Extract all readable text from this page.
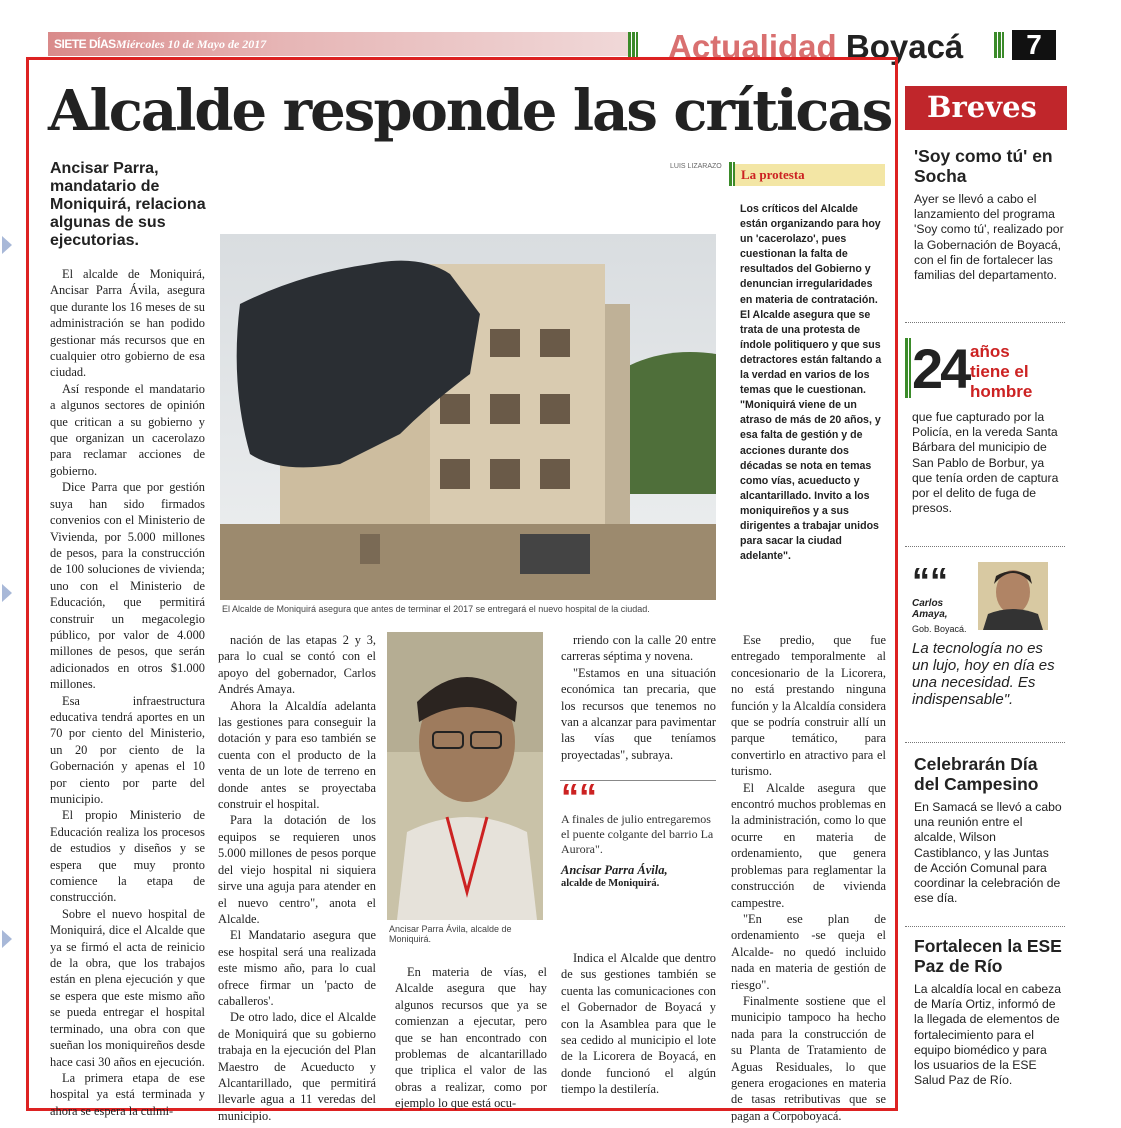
SIETE DÍAS Miércoles 10 de Mayo de 2017	Actualidad Boyacá	7
Alcalde responde las críticas
Ancisar Parra, mandatario de Moniquirá, relaciona algunas de sus ejecutorias.
LUIS LIZARAZO

El alcalde de Moniquirá, Ancisar Parra Ávila, asegura que durante los 16 meses de su administración se han podido gestionar más recursos que en cualquier otro gobierno de esa ciudad.

Así responde el mandatario a algunos sectores de opinión que critican a su gobierno y que organizan un cacerolazo para reclamar acciones de gobierno.

Dice Parra que por gestión suya han sido firmados convenios con el Ministerio de Vivienda, por 5.000 millones de pesos, para la construcción de 100 soluciones de vivienda; uno con el Ministerio de Educación, que permitirá construir un megacolegio público, por valor de 4.000 millones de pesos, que serán adicionados en otros $1.000 millones.

Esa infraestructura educativa tendrá aportes en un 70 por ciento del Ministerio, un 20 por ciento de la Gobernación y apenas el 10 por ciento por parte del municipio.

El propio Ministerio de Educación realiza los procesos de estudios y diseños y se espera que muy pronto comience la etapa de construcción.

Sobre el nuevo hospital de Moniquirá, dice el Alcalde que ya se firmó el acta de reinicio de la obra, que los trabajos están en plena ejecución y que se espera que este mismo año se pueda entregar el hospital terminado, una obra con que sueñan los moniquireños desde hace casi 30 años en ejecución.

La primera etapa de ese hospital ya está terminada y ahora se espera la culmi-

El Alcalde de Moniquirá asegura que antes de terminar el 2017 se entregará el nuevo hospital de la ciudad.
La protesta
Los críticos del Alcalde están organizando para hoy un 'cacerolazo', pues cuestionan la falta de resultados del Gobierno y denuncian irregularidades en materia de contratación. El Alcalde asegura que se trata de una protesta de índole politiquero y que sus detractores están faltando a la verdad en varios de los temas que le cuestionan. "Moniquirá viene de un atraso de más de 20 años, y esa falta de gestión y de acciones durante dos décadas se nota en temas como vías, acueducto y alcantarillado. Invito a los moniquireños y a sus dirigentes a trabajar unidos para sacar la ciudad adelante".

nación de las etapas 2 y 3, para lo cual se contó con el apoyo del gobernador, Carlos Andrés Amaya.

Ahora la Alcaldía adelanta las gestiones para conseguir la dotación y para eso también se cuenta con el producto de la venta de un lote de terreno en donde antes se proyectaba construir el hospital.

Para la dotación de los equipos se requieren unos 5.000 millones de pesos porque del viejo hospital ni siquiera sirve una aguja para atender en el nuevo centro", anota el Alcalde.

El Mandatario asegura que ese hospital será una realizada este mismo año, para lo cual ofrece firmar un 'pacto de caballeros'.

De otro lado, dice el Alcalde de Moniquirá que su gobierno trabaja en la ejecución del Plan Maestro de Acueducto y Alcantarillado, que permitirá llevarle agua a 11 veredas del municipio.

Ancisar Parra Ávila, alcalde de Moniquirá.

En materia de vías, el Alcalde asegura que hay algunos recursos que ya se comienzan a ejecutar, pero que se han encontrado con problemas de alcantarillado que triplica el valor de las obras a realizar, como por ejemplo lo que está ocu-

rriendo con la calle 20 entre carreras séptima y novena.

"Estamos en una situación económica tan precaria, que los recursos que tenemos no van a alcanzar para pavimentar las vías que teníamos proyectadas", subraya.

““
A finales de julio entregaremos el puente colgante del barrio La Aurora".
Ancisar Parra Ávila,
alcalde de Moniquirá.

Indica el Alcalde que dentro de sus gestiones también se cuenta las comunicaciones con el Gobernador de Boyacá y con la Asamblea para que le sea cedido al municipio el lote de la Licorera de Boyacá, en donde funcionó el algún tiempo la destilería.

Ese predio, que fue entregado temporalmente al concesionario de la Licorera, no está prestando ninguna función y la Alcaldía considera que se podría construir allí un parque temático, para convertirlo en atractivo para el turismo.

El Alcalde asegura que encontró muchos problemas en la administración, como lo que ocurre en materia de ordenamiento, que genera problemas para reglamentar la construcción de vivienda campestre.

"En ese plan de ordenamiento -se queja el Alcalde- no quedó incluido nada en materia de gestión de riesgo".

Finalmente sostiene que el municipio tampoco ha hecho nada para la construcción de su Planta de Tratamiento de Aguas Residuales, lo que genera erogaciones en materia de tasas retributivas que se pagan a Corpoboyacá.

Breves
'Soy como tú' en Socha
Ayer se llevó a cabo el lanzamiento del programa 'Soy como tú', realizado por la Gobernación de Boyacá, con el fin de fortalecer las familias del departamento.
24 años tiene el hombre
que fue capturado por la Policía, en la vereda Santa Bárbara del municipio de San Pablo de Borbur, ya que tenía orden de captura por el delito de fuga de presos.
““
Carlos Amaya,
Gob. Boyacá.
La tecnología no es un lujo, hoy en día es una necesidad. Es indispensable".
Celebrarán Día del Campesino
En Samacá se llevó a cabo una reunión entre el alcalde, Wilson Castiblanco, y las Juntas de Acción Comunal para coordinar la celebración de ese día.
Fortalecen la ESE Paz de Río
La alcaldía local en cabeza de María Ortiz, informó de la llegada de elementos de fortalecimiento para el equipo biomédico y para los usuarios de la ESE Salud Paz de Río.
